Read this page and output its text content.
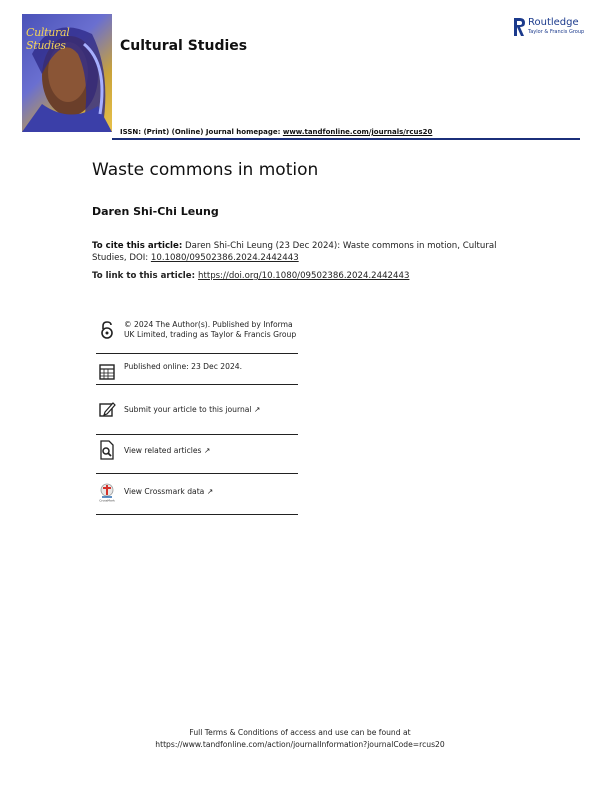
Cultural Studies	Cultural Studies
Routledge
Taylor & Francis Group
ISSN: (Print) (Online) Journal homepage: www.tandfonline.com/journals/rcus20
Waste commons in motion
Daren Shi-Chi Leung
To cite this article: Daren Shi-Chi Leung (23 Dec 2024): Waste commons in motion, Cultural Studies, DOI: 10.1080/09502386.2024.2442443
To link to this article: https://doi.org/10.1080/09502386.2024.2442443
© 2024 The Author(s). Published by Informa UK Limited, trading as Taylor & Francis Group
Published online: 23 Dec 2024.
Submit your article to this journal ↗
View related articles ↗
CrossMark
View Crossmark data ↗
Full Terms & Conditions of access and use can be found at
https://www.tandfonline.com/action/journalInformation?journalCode=rcus20
